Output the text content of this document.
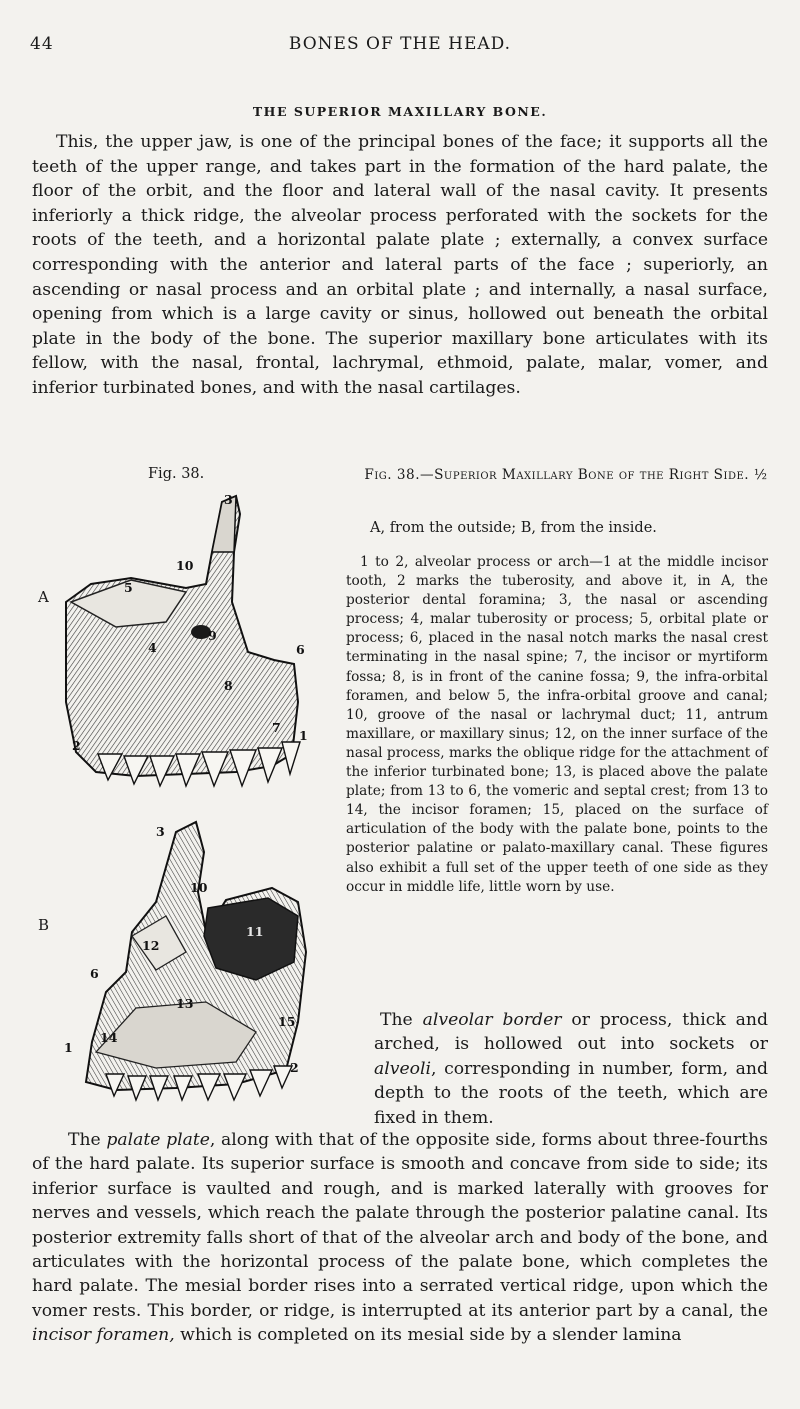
44	BONES OF THE HEAD.
THE SUPERIOR MAXILLARY BONE.

This, the upper jaw, is one of the principal bones of the face; it supports all the teeth of the upper range, and takes part in the formation of the hard palate, the floor of the orbit, and the floor and lateral wall of the nasal cavity. It presents inferiorly a thick ridge, the alveolar process perforated with the sockets for the roots of the teeth, and a horizontal palate plate ; externally, a convex surface corresponding with the anterior and lateral parts of the face ; superiorly, an ascending or nasal process and an orbital plate ; and internally, a nasal surface, opening from which is a large cavity or sinus, hollowed out beneath the orbital plate in the body of the bone. The superior maxillary bone articulates with its fellow, with the nasal, frontal, lachrymal, ethmoid, palate, malar, vomer, and inferior turbinated bones, and with the nasal cartilages.

Fig. 38.
A
1
2
3
4
5
6
7
8
9
10
B
1
2
3
6
10
11
12
13
14
15

Fig. 38.—Superior Maxillary Bone of the Right Side. ½

A, from the outside; B, from the inside.

1 to 2, alveolar process or arch—1 at the middle incisor tooth, 2 marks the tuberosity, and above it, in A, the posterior dental foramina; 3, the nasal or ascending process; 4, malar tuberosity or process; 5, orbital plate or process; 6, placed in the nasal notch marks the nasal crest terminating in the nasal spine; 7, the incisor or myrtiform fossa; 8, is in front of the canine fossa; 9, the infra-orbital foramen, and below 5, the infra-orbital groove and canal; 10, groove of the nasal or lachrymal duct; 11, antrum maxillare, or maxillary sinus; 12, on the inner surface of the nasal process, marks the oblique ridge for the attachment of the inferior turbinated bone; 13, is placed above the palate plate; from 13 to 6, the vomeric and septal crest; from 13 to 14, the incisor foramen; 15, placed on the surface of articulation of the body with the palate bone, points to the posterior palatine or palato-maxillary canal. These figures also exhibit a full set of the upper teeth of one side as they occur in middle life, little worn by use.

The alveolar border or process, thick and arched, is hollowed out into sockets or alveoli, corresponding in number, form, and depth to the roots of the teeth, which are fixed in them.

The palate plate, along with that of the opposite side, forms about three-fourths of the hard palate. Its superior surface is smooth and concave from side to side; its inferior surface is vaulted and rough, and is marked laterally with grooves for nerves and vessels, which reach the palate through the posterior palatine canal. Its posterior extremity falls short of that of the alveolar arch and body of the bone, and articulates with the horizontal process of the palate bone, which completes the hard palate. The mesial border rises into a serrated vertical ridge, upon which the vomer rests. This border, or ridge, is interrupted at its anterior part by a canal, the incisor foramen, which is completed on its mesial side by a slender lamina
